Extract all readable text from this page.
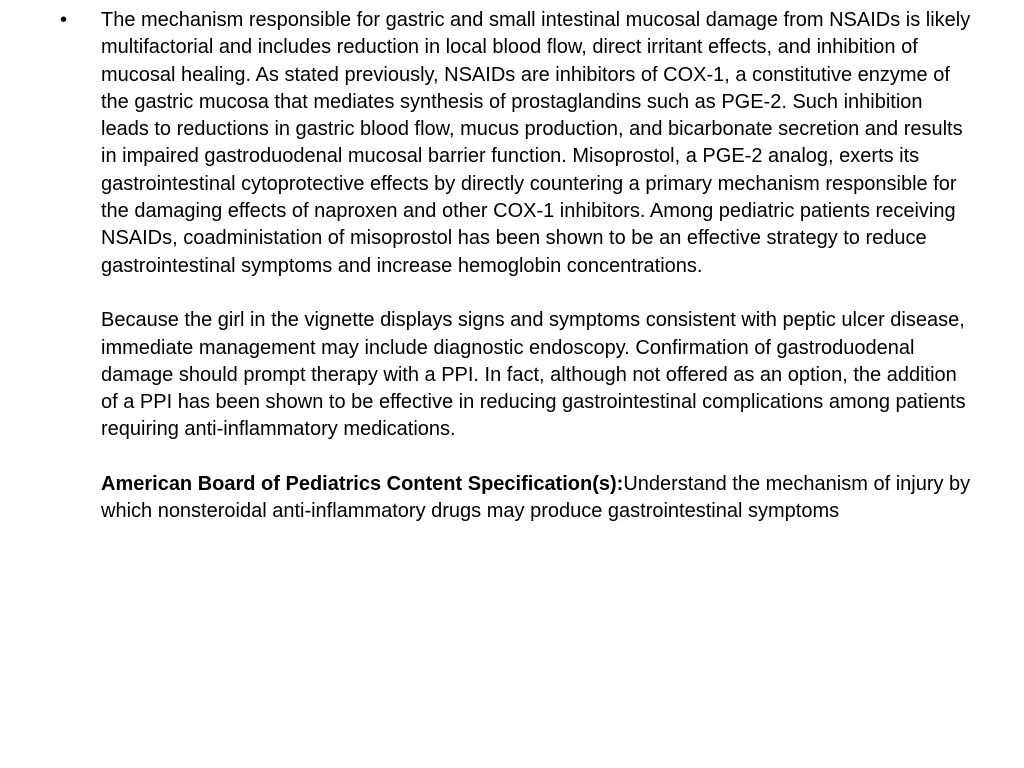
• The mechanism responsible for gastric and small intestinal mucosal damage from NSAIDs is likely multifactorial and includes reduction in local blood flow, direct irritant effects, and inhibition of mucosal healing. As stated previously, NSAIDs are inhibitors of COX-1, a constitutive enzyme of the gastric mucosa that mediates synthesis of prostaglandins such as PGE-2. Such inhibition leads to reductions in gastric blood flow, mucus production, and bicarbonate secretion and results in impaired gastroduodenal mucosal barrier function. Misoprostol, a PGE-2 analog, exerts its gastrointestinal cytoprotective effects by directly countering a primary mechanism responsible for the damaging effects of naproxen and other COX-1 inhibitors. Among pediatric patients receiving NSAIDs, coadministation of misoprostol has been shown to be an effective strategy to reduce gastrointestinal symptoms and increase hemoglobin concentrations.

Because the girl in the vignette displays signs and symptoms consistent with peptic ulcer disease, immediate management may include diagnostic endoscopy. Confirmation of gastroduodenal damage should prompt therapy with a PPI. In fact, although not offered as an option, the addition of a PPI has been shown to be effective in reducing gastrointestinal complications among patients requiring anti-inflammatory medications.

American Board of Pediatrics Content Specification(s):Understand the mechanism of injury by which nonsteroidal anti-inflammatory drugs may produce gastrointestinal symptoms
